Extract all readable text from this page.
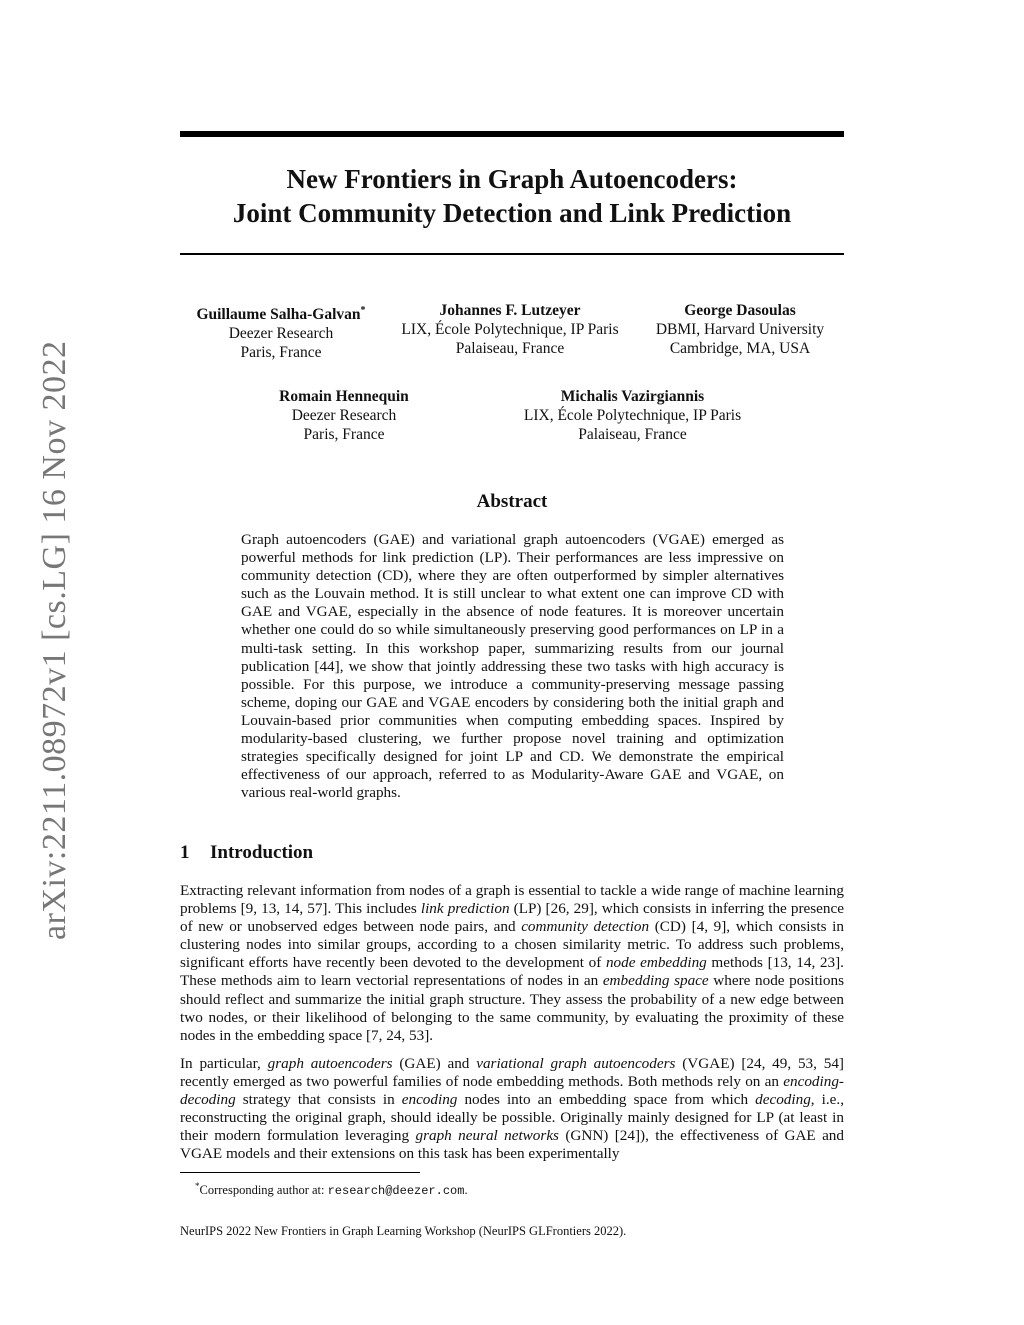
arXiv:2211.08972v1 [cs.LG] 16 Nov 2022
New Frontiers in Graph Autoencoders:
Joint Community Detection and Link Prediction
Guillaume Salha-Galvan*
Deezer Research
Paris, France
Johannes F. Lutzeyer
LIX, École Polytechnique, IP Paris
Palaiseau, France
George Dasoulas
DBMI, Harvard University
Cambridge, MA, USA
Romain Hennequin
Deezer Research
Paris, France
Michalis Vazirgiannis
LIX, École Polytechnique, IP Paris
Palaiseau, France
Abstract
Graph autoencoders (GAE) and variational graph autoencoders (VGAE) emerged as powerful methods for link prediction (LP). Their performances are less impressive on community detection (CD), where they are often outperformed by simpler alternatives such as the Louvain method. It is still unclear to what extent one can improve CD with GAE and VGAE, especially in the absence of node features. It is moreover uncertain whether one could do so while simultaneously preserving good performances on LP in a multi-task setting. In this workshop paper, summarizing results from our journal publication [44], we show that jointly addressing these two tasks with high accuracy is possible. For this purpose, we introduce a community-preserving message passing scheme, doping our GAE and VGAE encoders by considering both the initial graph and Louvain-based prior communities when computing embedding spaces. Inspired by modularity-based clustering, we further propose novel training and optimization strategies specifically designed for joint LP and CD. We demonstrate the empirical effectiveness of our approach, referred to as Modularity-Aware GAE and VGAE, on various real-world graphs.
1 Introduction
Extracting relevant information from nodes of a graph is essential to tackle a wide range of machine learning problems [9, 13, 14, 57]. This includes link prediction (LP) [26, 29], which consists in inferring the presence of new or unobserved edges between node pairs, and community detection (CD) [4, 9], which consists in clustering nodes into similar groups, according to a chosen similarity metric. To address such problems, significant efforts have recently been devoted to the development of node embedding methods [13, 14, 23]. These methods aim to learn vectorial representations of nodes in an embedding space where node positions should reflect and summarize the initial graph structure. They assess the probability of a new edge between two nodes, or their likelihood of belonging to the same community, by evaluating the proximity of these nodes in the embedding space [7, 24, 53].
In particular, graph autoencoders (GAE) and variational graph autoencoders (VGAE) [24, 49, 53, 54] recently emerged as two powerful families of node embedding methods. Both methods rely on an encoding-decoding strategy that consists in encoding nodes into an embedding space from which decoding, i.e., reconstructing the original graph, should ideally be possible. Originally mainly designed for LP (at least in their modern formulation leveraging graph neural networks (GNN) [24]), the effectiveness of GAE and VGAE models and their extensions on this task has been experimentally
*Corresponding author at: research@deezer.com.
NeurIPS 2022 New Frontiers in Graph Learning Workshop (NeurIPS GLFrontiers 2022).
